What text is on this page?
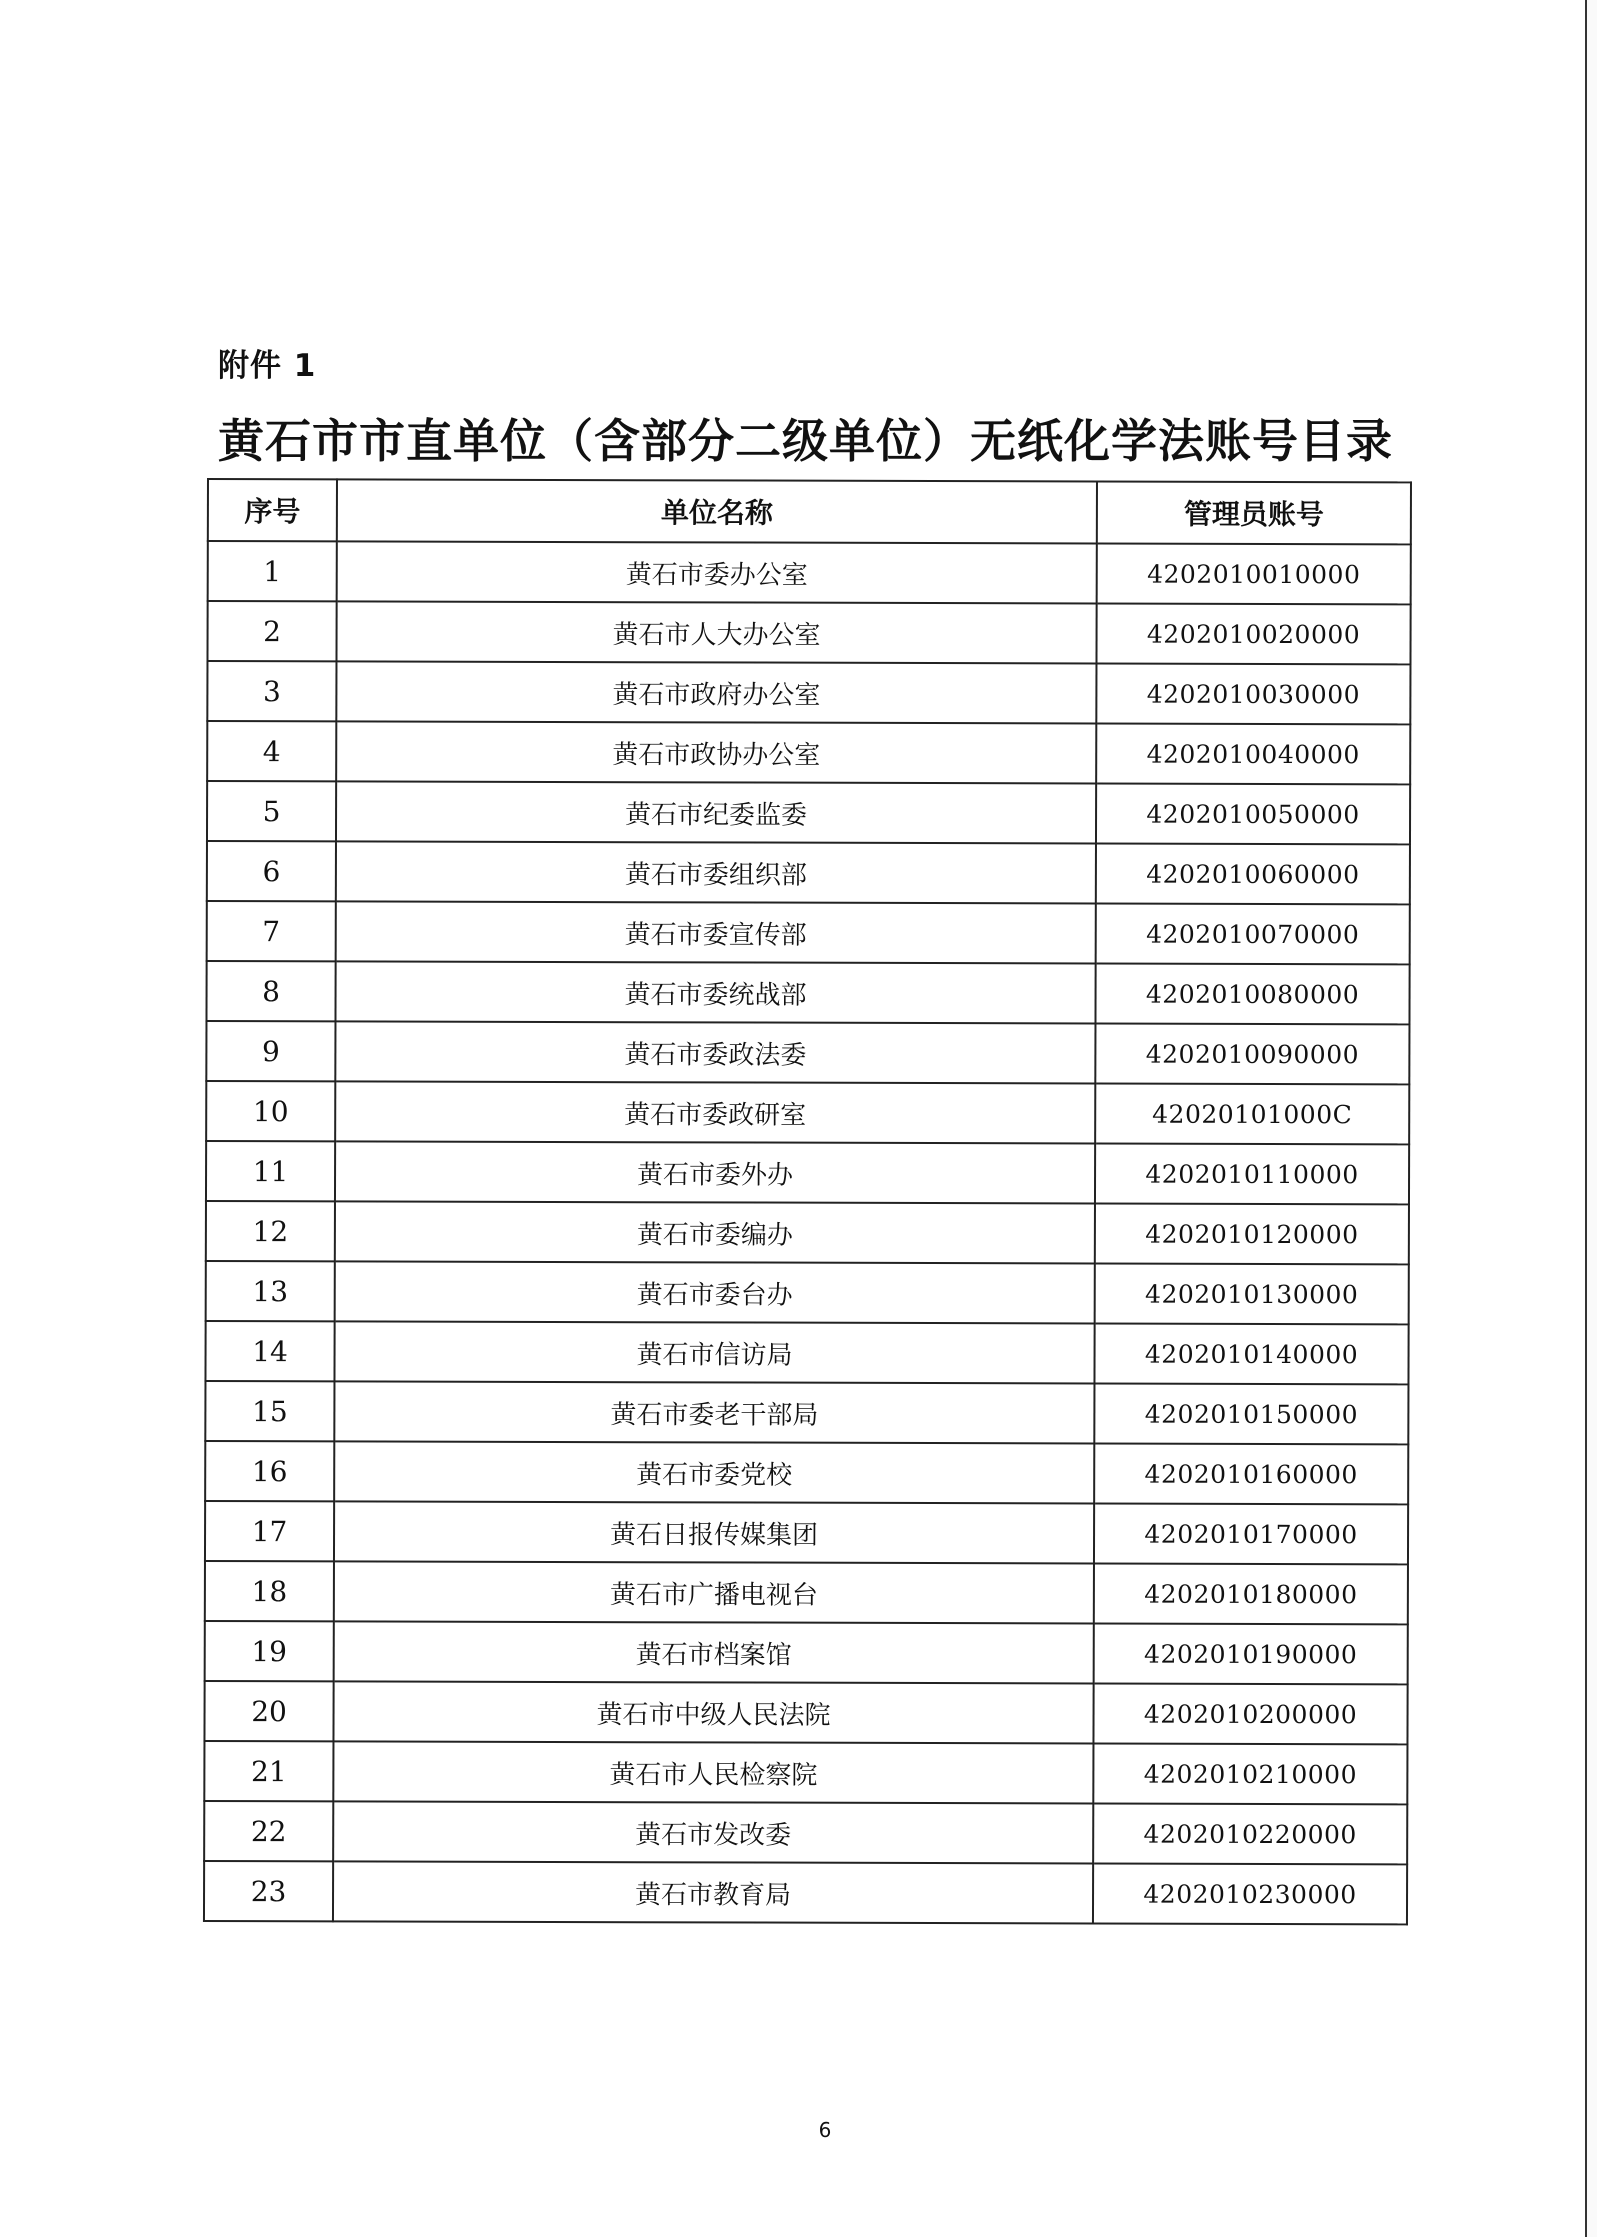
附件 1
黄石市市直单位（含部分二级单位）无纸化学法账号目录
序号	单位名称	管理员账号
1	黄石市委办公室	4202010010000
2	黄石市人大办公室	4202010020000
3	黄石市政府办公室	4202010030000
4	黄石市政协办公室	4202010040000
5	黄石市纪委监委	4202010050000
6	黄石市委组织部	4202010060000
7	黄石市委宣传部	4202010070000
8	黄石市委统战部	4202010080000
9	黄石市委政法委	4202010090000
10	黄石市委政研室	42020101000C
11	黄石市委外办	4202010110000
12	黄石市委编办	4202010120000
13	黄石市委台办	4202010130000
14	黄石市信访局	4202010140000
15	黄石市委老干部局	4202010150000
16	黄石市委党校	4202010160000
17	黄石日报传媒集团	4202010170000
18	黄石市广播电视台	4202010180000
19	黄石市档案馆	4202010190000
20	黄石市中级人民法院	4202010200000
21	黄石市人民检察院	4202010210000
22	黄石市发改委	4202010220000
23	黄石市教育局	4202010230000
6
